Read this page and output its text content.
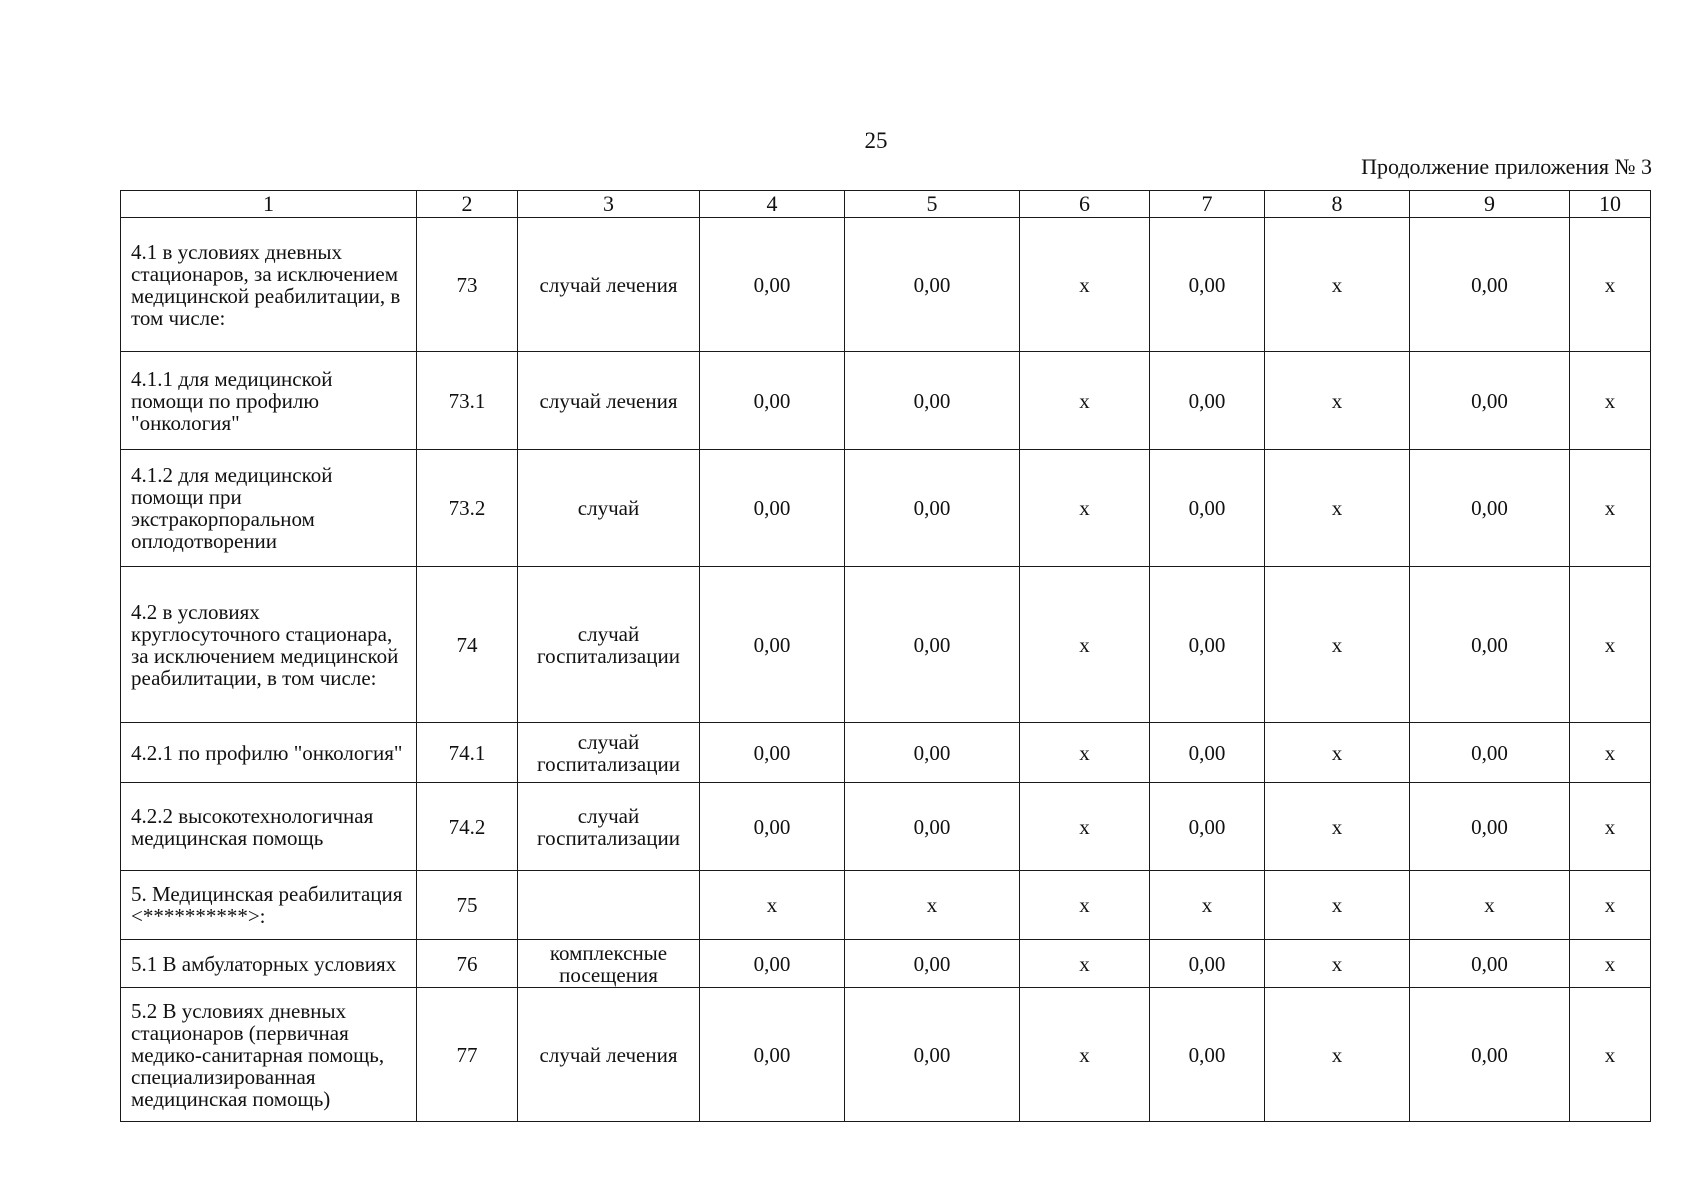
25
Продолжение приложения № 3
1	2	3	4	5	6	7	8	9	10
4.1 в условиях дневных стационаров, за исключением медицинской реабилитации, в том числе:	73	случай лечения	0,00	0,00	х	0,00	х	0,00	х
4.1.1 для медицинской помощи по профилю "онкология"	73.1	случай лечения	0,00	0,00	х	0,00	х	0,00	х
4.1.2 для медицинской помощи при экстракорпоральном оплодотворении	73.2	случай	0,00	0,00	х	0,00	х	0,00	х
4.2 в условиях круглосуточного стационара, за исключением медицинской реабилитации, в том числе:	74	случай госпитализации	0,00	0,00	х	0,00	х	0,00	х
4.2.1 по профилю "онкология"	74.1	случай госпитализации	0,00	0,00	х	0,00	х	0,00	х
4.2.2 высокотехнологичная медицинская помощь	74.2	случай госпитализации	0,00	0,00	х	0,00	х	0,00	х
5. Медицинская реабилитация <**********>:	75		х	х	х	х	х	х	х
5.1 В амбулаторных условиях	76	комплексные посещения	0,00	0,00	х	0,00	х	0,00	х
5.2 В условиях дневных стационаров (первичная медико-санитарная помощь, специализированная медицинская помощь)	77	случай лечения	0,00	0,00	х	0,00	х	0,00	х
